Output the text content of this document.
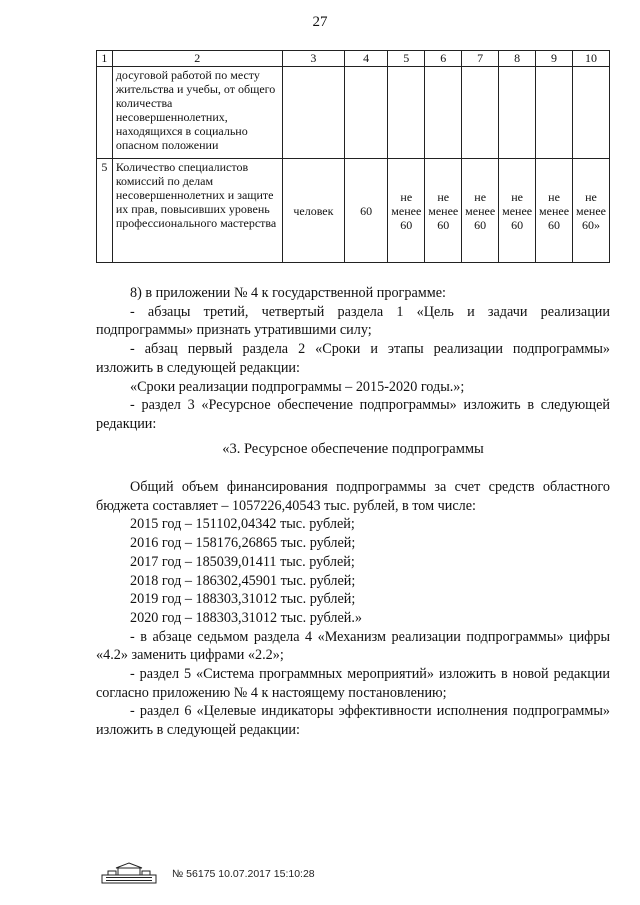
27
1	2	3	4	5	6	7	8	9	10
	досуговой работой по месту жительства и учебы, от общего количества несовершеннолетних, находящихся в социально опасном положении								
5	Количество специалистов комиссий по делам несовершеннолетних и защите их прав, повысивших уровень профессионального мастерства	человек	60	не менее 60	не менее 60	не менее 60	не менее 60	не менее 60	не менее 60»

8) в приложении № 4 к государственной программе:

- абзацы третий, четвертый раздела 1 «Цель и задачи реализации подпрограммы» признать утратившими силу;

- абзац первый раздела 2 «Сроки и этапы реализации подпрограммы» изложить в следующей редакции:

«Сроки реализации подпрограммы – 2015-2020 годы.»;

- раздел 3 «Ресурсное обеспечение подпрограммы» изложить в следующей редакции:

«3. Ресурсное обеспечение подпрограммы

Общий объем финансирования подпрограммы за счет средств областного бюджета составляет – 1057226,40543 тыс. рублей, в том числе:

2015 год – 151102,04342 тыс. рублей;

2016 год – 158176,26865 тыс. рублей;

2017 год – 185039,01411 тыс. рублей;

2018 год – 186302,45901 тыс. рублей;

2019 год – 188303,31012 тыс. рублей;

2020 год – 188303,31012 тыс. рублей.»

- в абзаце седьмом раздела 4 «Механизм реализации подпрограммы» цифры «4.2» заменить цифрами «2.2»;

- раздел 5 «Система программных мероприятий» изложить в новой редакции согласно приложению № 4 к настоящему постановлению;

- раздел 6 «Целевые индикаторы эффективности исполнения подпрограммы» изложить в следующей редакции:

№ 56175 10.07.2017 15:10:28
